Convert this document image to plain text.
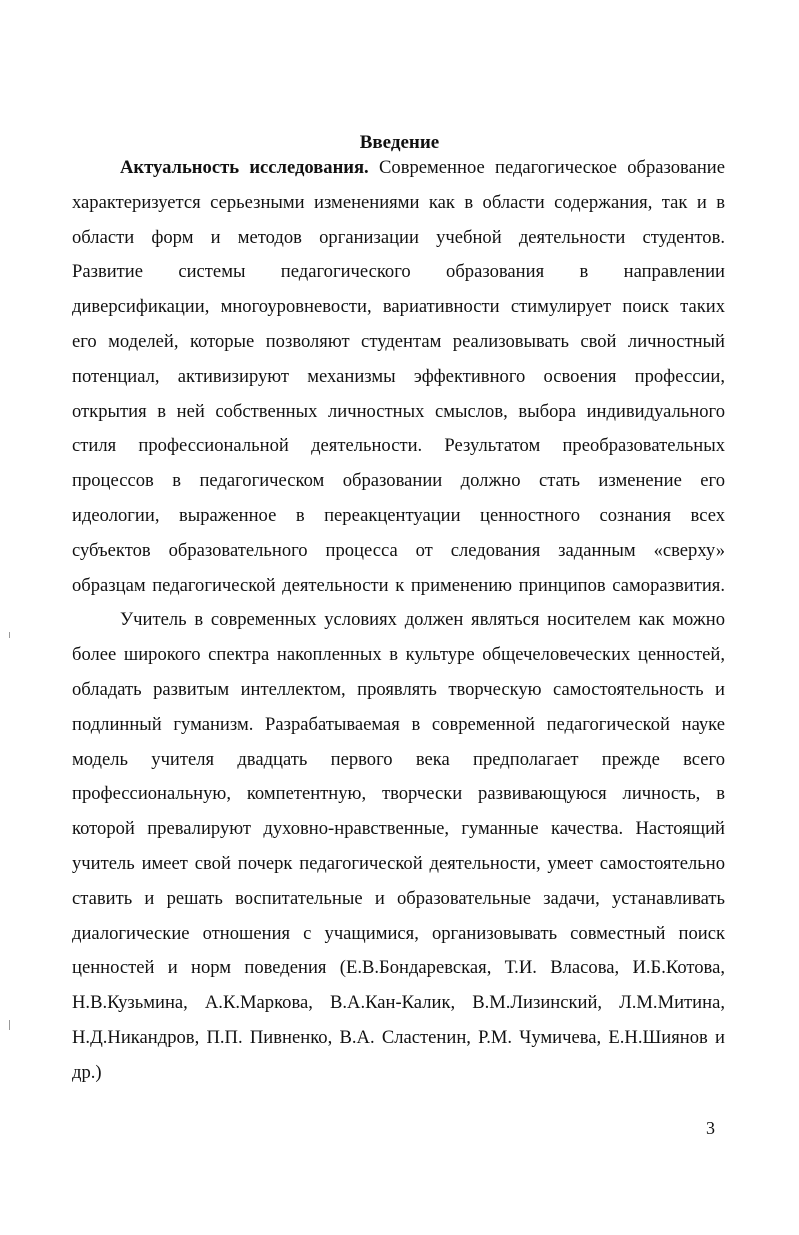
Введение
Актуальность исследования. Современное педагогическое образование
характеризуется серьезными изменениями как в области содержания, так и в
области форм и методов организации учебной деятельности студентов.
Развитие системы педагогического образования в направлении
диверсификации, многоуровневости, вариативности стимулирует поиск таких
его моделей, которые позволяют студентам реализовывать свой личностный
потенциал, активизируют механизмы эффективного освоения профессии,
открытия в ней собственных личностных смыслов, выбора индивидуального
стиля профессиональной деятельности. Результатом преобразовательных
процессов в педагогическом образовании должно стать изменение его
идеологии, выраженное в переакцентуации ценностного сознания всех
субъектов образовательного процесса от следования заданным «сверху»
образцам педагогической деятельности к применению принципов саморазвития.
Учитель в современных условиях должен являться носителем как можно
более широкого спектра накопленных в культуре общечеловеческих ценностей,
обладать развитым интеллектом, проявлять творческую самостоятельность и
подлинный гуманизм. Разрабатываемая в современной педагогической науке
модель учителя двадцать первого века предполагает прежде всего
профессиональную, компетентную, творчески развивающуюся личность, в
которой превалируют духовно-нравственные, гуманные качества. Настоящий
учитель имеет свой почерк педагогической деятельности, умеет самостоятельно
ставить и решать воспитательные и образовательные задачи, устанавливать
диалогические отношения с учащимися, организовывать совместный поиск
ценностей и норм поведения (Е.В.Бондаревская, Т.И. Власова, И.Б.Котова,
Н.В.Кузьмина, А.К.Маркова, В.А.Кан-Калик, В.М.Лизинский, Л.М.Митина,
Н.Д.Никандров, П.П. Пивненко, В.А. Сластенин, Р.М. Чумичева, Е.Н.Шиянов и
др.)
3
